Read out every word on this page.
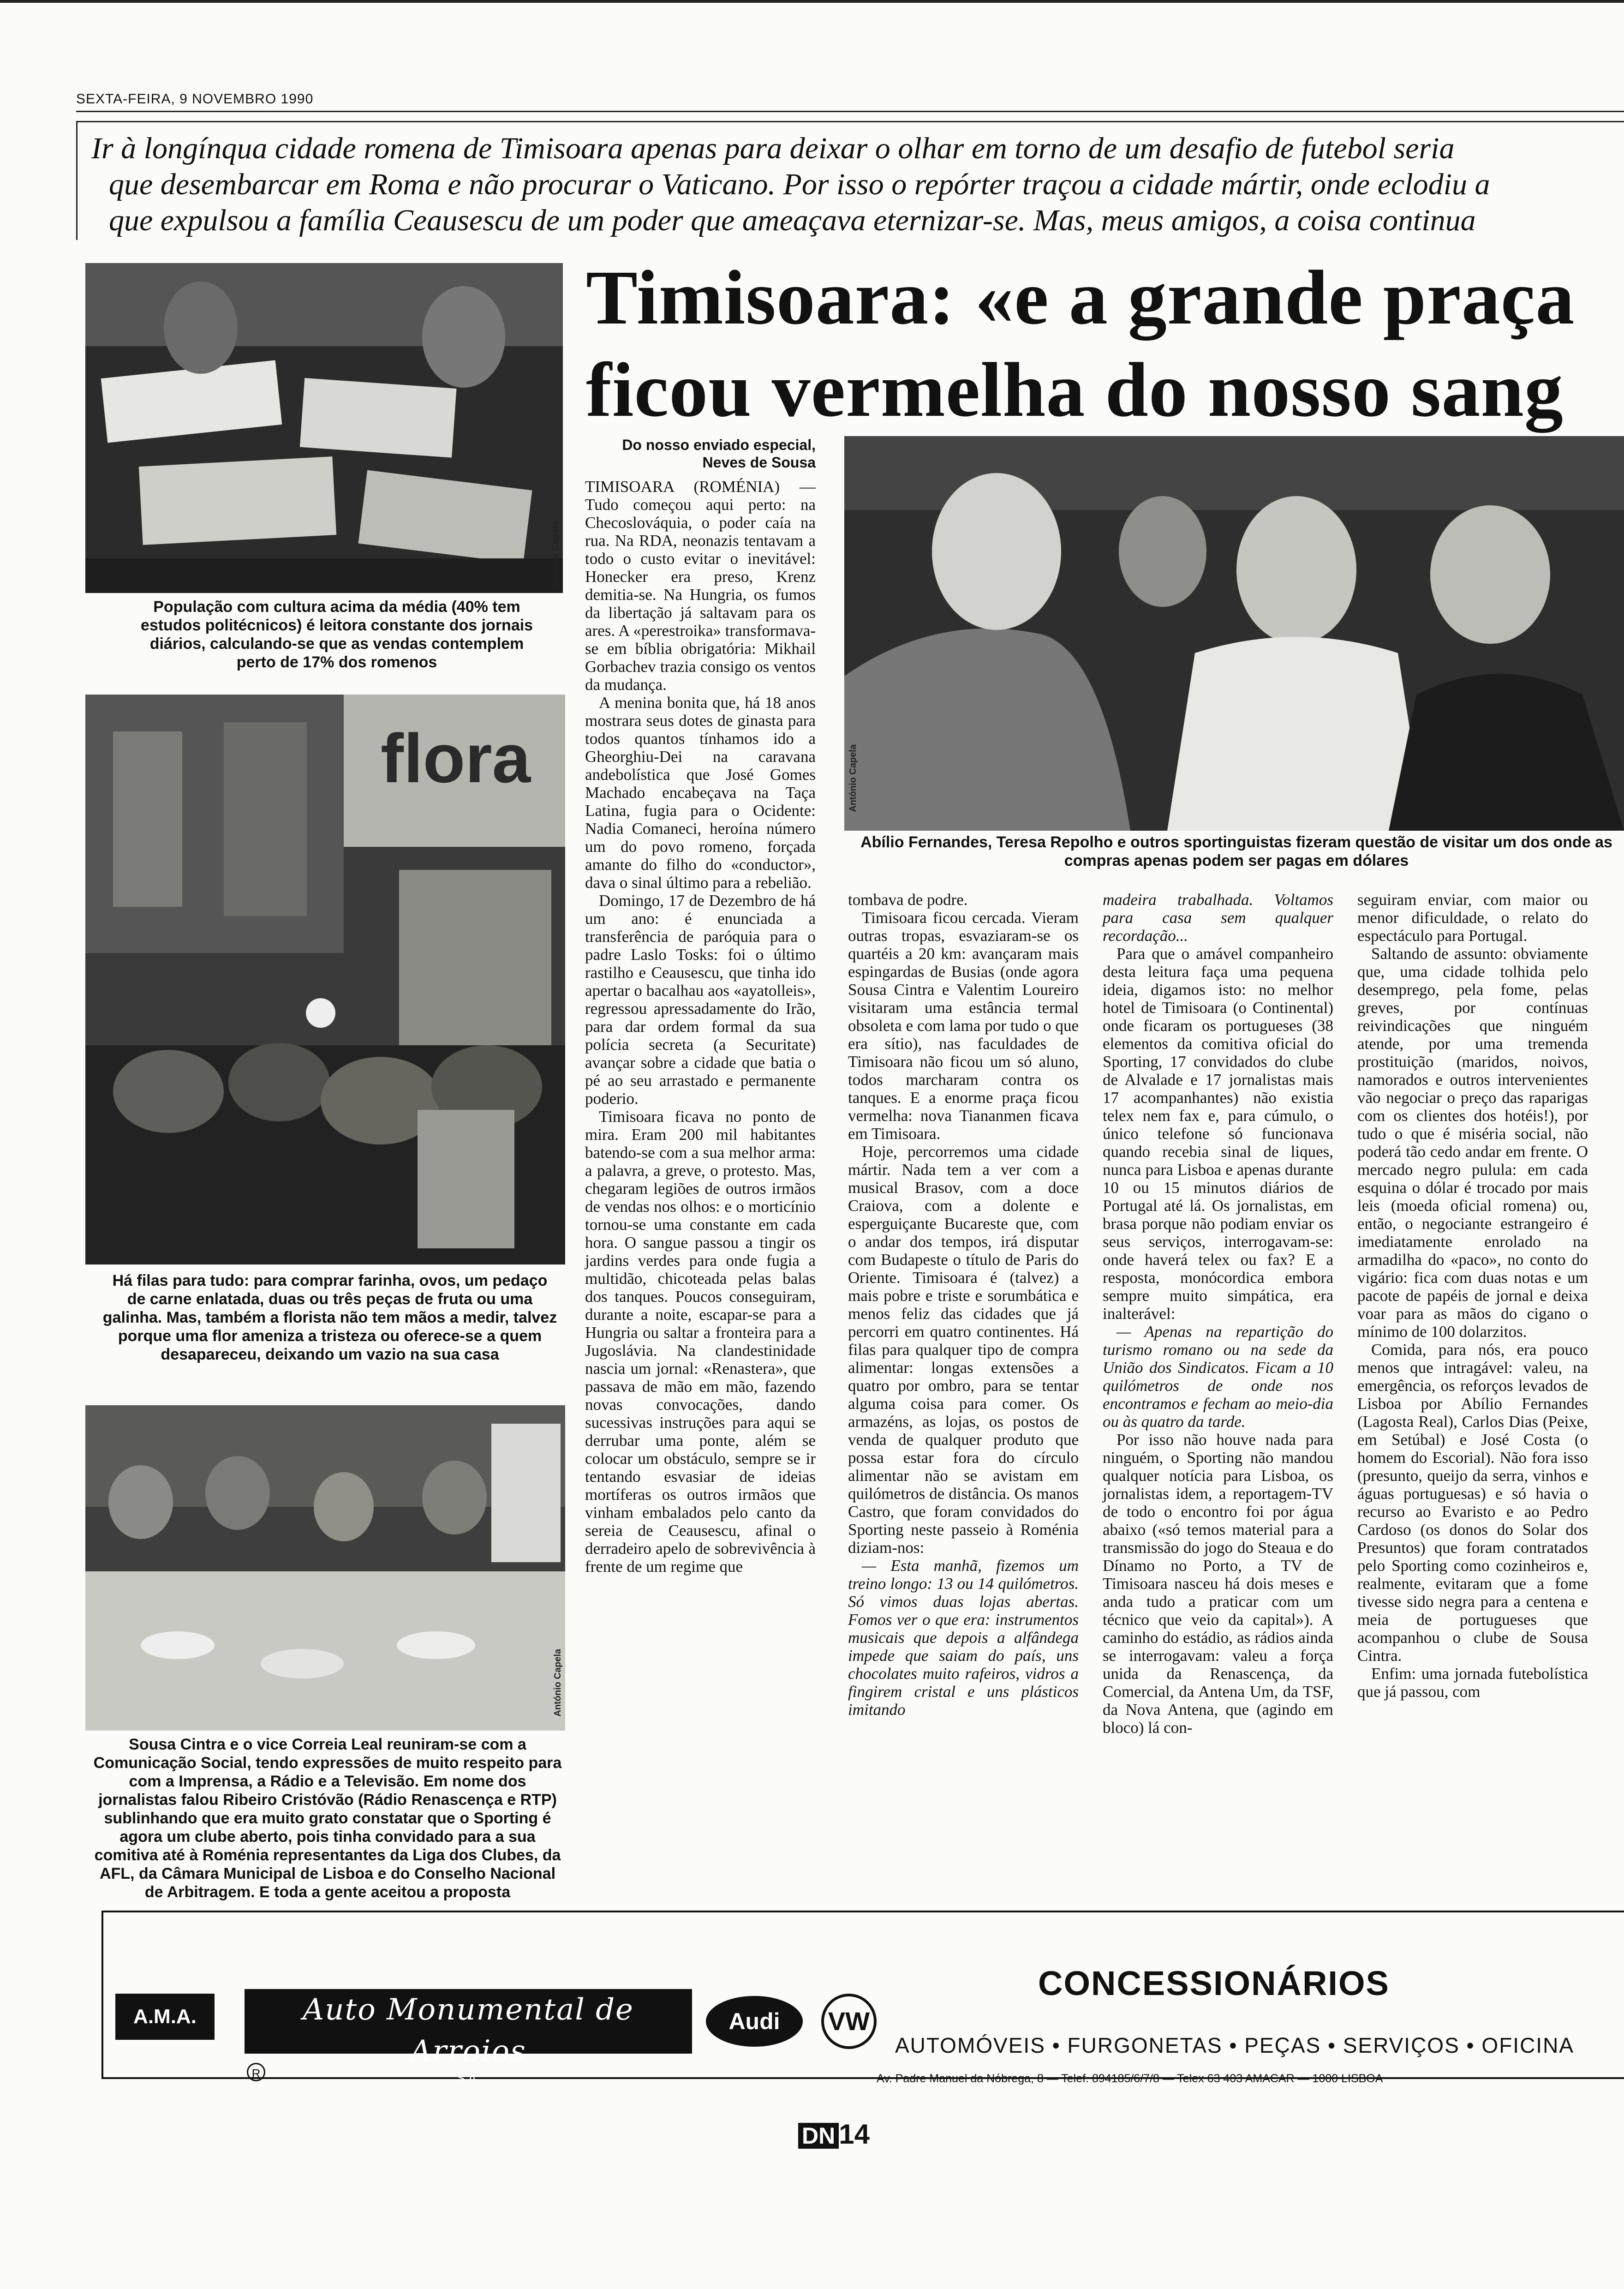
SEXTA-FEIRA, 9 NOVEMBRO 1990
Ir à longínqua cidade romena de Timisoara apenas para deixar o olhar em torno de um desafio de futebol seria
que desembarcar em Roma e não procurar o Vaticano. Por isso o repórter traçou a cidade mártir, onde eclodiu a
que expulsou a família Ceausescu de um poder que ameaçava eternizar-se. Mas, meus amigos, a coisa continua
Timisoara: «e a grande praça
ficou vermelha do nosso sang
António Capela
População com cultura acima da média (40% tem estudos politécnicos) é leitora constante dos jornais diários, calculando-se que as vendas contemplem perto de 17% dos romenos
flora
António Capela
Há filas para tudo: para comprar farinha, ovos, um pedaço de carne enlatada, duas ou três peças de fruta ou uma galinha. Mas, também a florista não tem mãos a medir, talvez porque uma flor ameniza a tristeza ou oferece-se a quem desapareceu, deixando um vazio na sua casa
António Capela
Sousa Cintra e o vice Correia Leal reuniram-se com a Comunicação Social, tendo expressões de muito respeito para com a Imprensa, a Rádio e a Televisão. Em nome dos jornalistas falou Ribeiro Cristóvão (Rádio Renascença e RTP) sublinhando que era muito grato constatar que o Sporting é agora um clube aberto, pois tinha convidado para a sua comitiva até à Roménia representantes da Liga dos Clubes, da AFL, da Câmara Municipal de Lisboa e do Conselho Nacional de Arbitragem. E toda a gente aceitou a proposta
António Capela
Abílio Fernandes, Teresa Repolho e outros sportinguistas fizeram questão de visitar um dos onde as compras apenas podem ser pagas em dólares
Do nosso enviado especial, Neves de Sousa

TIMISOARA (ROMÉNIA) — Tudo começou aqui perto: na Checoslováquia, o poder caía na rua. Na RDA, neonazis tentavam a todo o custo evitar o inevitável: Honecker era preso, Krenz demitia-se. Na Hungria, os fumos da libertação já saltavam para os ares. A «perestroika» transformava-se em bíblia obrigatória: Mikhail Gorbachev trazia consigo os ventos da mudança.

A menina bonita que, há 18 anos mostrara seus dotes de ginasta para todos quantos tínhamos ido a Gheorghiu-Dei na caravana andebolística que José Gomes Machado encabeçava na Taça Latina, fugia para o Ocidente: Nadia Comaneci, heroína número um do povo romeno, forçada amante do filho do «conductor», dava o sinal último para a rebelião.

Domingo, 17 de Dezembro de há um ano: é enunciada a transferência de paróquia para o padre Laslo Tosks: foi o último rastilho e Ceausescu, que tinha ido apertar o bacalhau aos «ayatolleis», regressou apressadamente do Irão, para dar ordem formal da sua polícia secreta (a Securitate) avançar sobre a cidade que batia o pé ao seu arrastado e permanente poderio.

Timisoara ficava no ponto de mira. Eram 200 mil habitantes batendo-se com a sua melhor arma: a palavra, a greve, o protesto. Mas, chegaram legiões de outros irmãos de vendas nos olhos: e o morticínio tornou-se uma constante em cada hora. O sangue passou a tingir os jardins verdes para onde fugia a multidão, chicoteada pelas balas dos tanques. Poucos conseguiram, durante a noite, escapar-se para a Hungria ou saltar a fronteira para a Jugoslávia. Na clandestinidade nascia um jornal: «Renastera», que passava de mão em mão, fazendo novas convocações, dando sucessivas instruções para aqui se derrubar uma ponte, além se colocar um obstáculo, sempre se ir tentando esvasiar de ideias mortíferas os outros irmãos que vinham embalados pelo canto da sereia de Ceausescu, afinal o derradeiro apelo de sobrevivência à frente de um regime que

tombava de podre.

Timisoara ficou cercada. Vieram outras tropas, esvaziaram-se os quartéis a 20 km: avançaram mais espingardas de Busias (onde agora Sousa Cintra e Valentim Loureiro visitaram uma estância termal obsoleta e com lama por tudo o que era sítio), nas faculdades de Timisoara não ficou um só aluno, todos marcharam contra os tanques. E a enorme praça ficou vermelha: nova Tiananmen ficava em Timisoara.

Hoje, percorremos uma cidade mártir. Nada tem a ver com a musical Brasov, com a doce Craiova, com a dolente e esperguiçante Bucareste que, com o andar dos tempos, irá disputar com Budapeste o título de Paris do Oriente. Timisoara é (talvez) a mais pobre e triste e sorumbática e menos feliz das cidades que já percorri em quatro continentes. Há filas para qualquer tipo de compra alimentar: longas extensões a quatro por ombro, para se tentar alguma coisa para comer. Os armazéns, as lojas, os postos de venda de qualquer produto que possa estar fora do círculo alimentar não se avistam em quilómetros de distância. Os manos Castro, que foram convidados do Sporting neste passeio à Roménia diziam-nos:

— Esta manhã, fizemos um treino longo: 13 ou 14 quilómetros. Só vimos duas lojas abertas. Fomos ver o que era: instrumentos musicais que depois a alfândega impede que saiam do país, uns chocolates muito rafeiros, vidros a fingirem cristal e uns plásticos imitando

madeira trabalhada. Voltamos para casa sem qualquer recordação...

Para que o amável companheiro desta leitura faça uma pequena ideia, digamos isto: no melhor hotel de Timisoara (o Continental) onde ficaram os portugueses (38 elementos da comitiva oficial do Sporting, 17 convidados do clube de Alvalade e 17 jornalistas mais 17 acompanhantes) não existia telex nem fax e, para cúmulo, o único telefone só funcionava quando recebia sinal de liques, nunca para Lisboa e apenas durante 10 ou 15 minutos diários de Portugal até lá. Os jornalistas, em brasa porque não podiam enviar os seus serviços, interrogavam-se: onde haverá telex ou fax? E a resposta, monócordica embora sempre muito simpática, era inalterável:

— Apenas na repartição do turismo romano ou na sede da União dos Sindicatos. Ficam a 10 quilómetros de onde nos encontramos e fecham ao meio-dia ou às quatro da tarde.

Por isso não houve nada para ninguém, o Sporting não mandou qualquer notícia para Lisboa, os jornalistas idem, a reportagem-TV de todo o encontro foi por água abaixo («só temos material para a transmissão do jogo do Steaua e do Dínamo no Porto, a TV de Timisoara nasceu há dois meses e anda tudo a praticar com um técnico que veio da capital»). A caminho do estádio, as rádios ainda se interrogavam: valeu a força unida da Renascença, da Comercial, da Antena Um, da TSF, da Nova Antena, que (agindo em bloco) lá con-

seguiram enviar, com maior ou menor dificuldade, o relato do espectáculo para Portugal.

Saltando de assunto: obviamente que, uma cidade tolhida pelo desemprego, pela fome, pelas greves, por contínuas reivindicações que ninguém atende, por uma tremenda prostituição (maridos, noivos, namorados e outros intervenientes vão negociar o preço das raparigas com os clientes dos hotéis!), por tudo o que é miséria social, não poderá tão cedo andar em frente. O mercado negro pulula: em cada esquina o dólar é trocado por mais leis (moeda oficial romena) ou, então, o negociante estrangeiro é imediatamente enrolado na armadilha do «paco», no conto do vigário: fica com duas notas e um pacote de papéis de jornal e deixa voar para as mãos do cigano o mínimo de 100 dolarzitos.

Comida, para nós, era pouco menos que intragável: valeu, na emergência, os reforços levados de Lisboa por Abílio Fernandes (Lagosta Real), Carlos Dias (Peixe, em Setúbal) e José Costa (o homem do Escorial). Não fora isso (presunto, queijo da serra, vinhos e águas portuguesas) e só havia o recurso ao Evaristo e ao Pedro Cardoso (os donos do Solar dos Presuntos) que foram contratados pelo Sporting como cozinheiros e, realmente, evitaram que a fome tivesse sido negra para a centena e meia de portugueses que acompanhou o clube de Sousa Cintra.

Enfim: uma jornada futebolística que já passou, com

A.M.A.	Auto Monumental de Arroios
S.A.
R
Audi	VW
CONCESSIONÁRIOS
AUTOMÓVEIS • FURGONETAS • PEÇAS • SERVIÇOS • OFICINA
Av. Padre Manuel da Nóbrega, 8 — Telef. 894185/6/7/8 — Telex 63 403 AMACAR — 1000 LISBOA
DN 14
